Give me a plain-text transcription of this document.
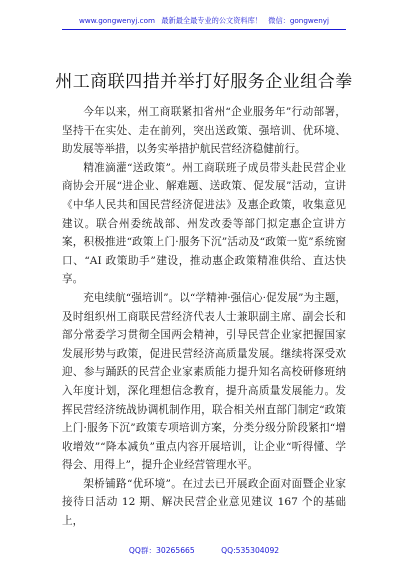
www.gongwenyj.com 最新最全最专业的公文资料库！ 微信：gongwenyj
州工商联四措并举打好服务企业组合拳

今年以来，州工商联紧扣省州“企业服务年”行动部署，坚持干在实处、走在前列，突出送政策、强培训、优环境、助发展等举措，以务实举措护航民营经济稳健前行。

精准滴灌“送政策”。州工商联班子成员带头赴民营企业商协会开展“进企业、解难题、送政策、促发展”活动，宣讲《中华人民共和国民营经济促进法》及惠企政策，收集意见建议。联合州委统战部、州发改委等部门拟定惠企宣讲方案，积极推进“政策上门·服务下沉”活动及“政策一览”系统窗口、“AI 政策助手”建设，推动惠企政策精准供给、直达快享。

充电续航“强培训”。以“学精神·强信心·促发展”为主题，及时组织州工商联民营经济代表人士兼职副主席、副会长和部分常委学习贯彻全国两会精神，引导民营企业家把握国家发展形势与政策，促进民营经济高质量发展。继续将深受欢迎、参与踊跃的民营企业家素质能力提升知名高校研修班纳入年度计划，深化理想信念教育，提升高质量发展能力。发挥民营经济统战协调机制作用，联合相关州直部门制定“政策上门·服务下沉”政策专项培训方案，分类分级分阶段紧扣“增收增效”“降本减负”重点内容开展培训，让企业“听得懂、学得会、用得上”，提升企业经营管理水平。

架桥铺路“优环境”。在过去已开展政企面对面暨企业家接待日活动 12 期、解决民营企业意见建议 167 个的基础上，

QQ群：30265665	QQ:535304092
